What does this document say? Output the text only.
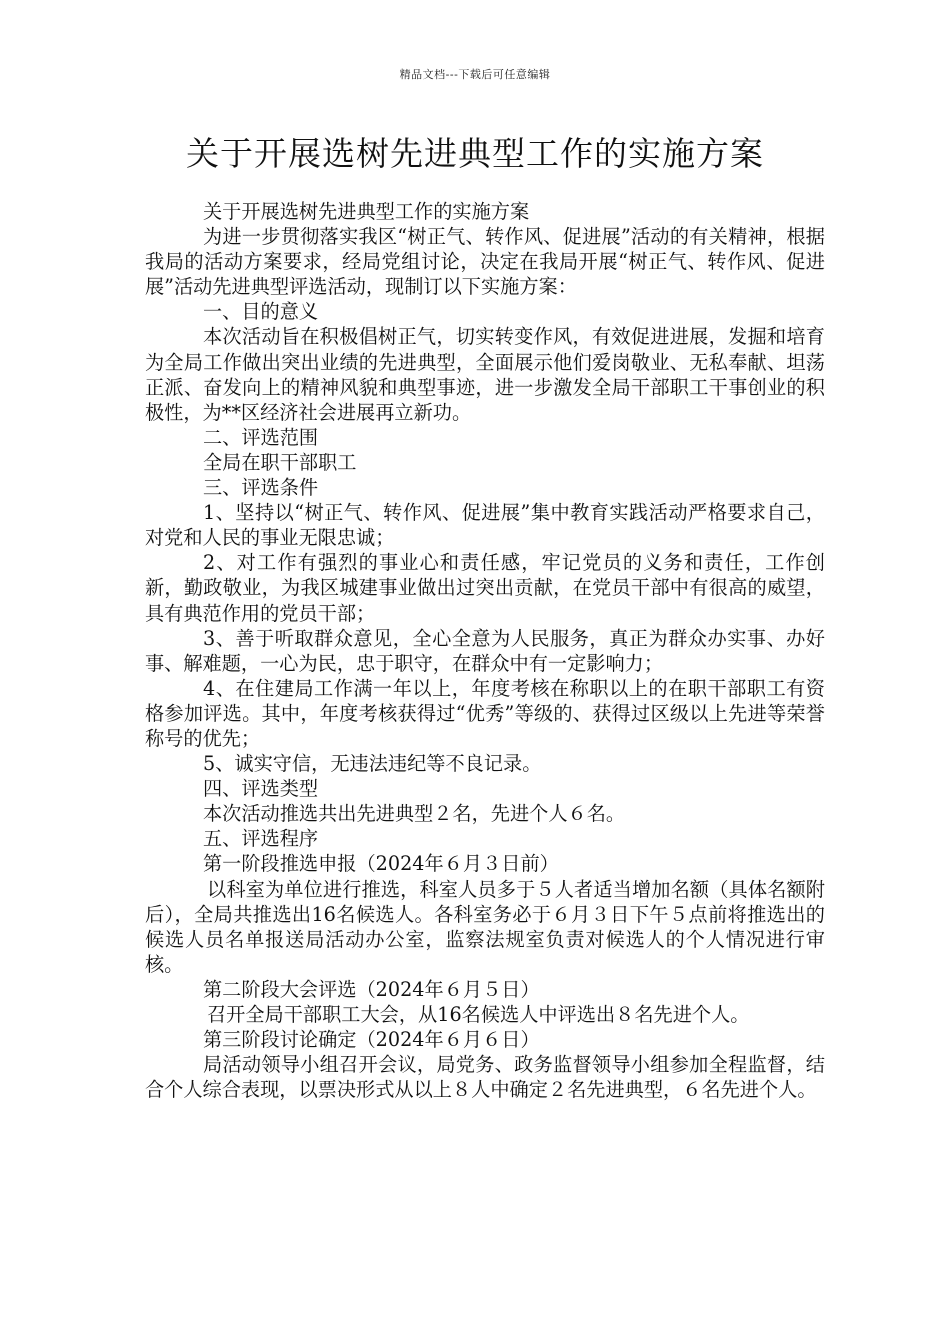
精品文档---下载后可任意编辑
关于开展选树先进典型工作的实施方案

关于开展选树先进典型工作的实施方案

为进一步贯彻落实我区“树正气、转作风、促进展”活动的有关精神，根据我局的活动方案要求，经局党组讨论，决定在我局开展“树正气、转作风、促进展”活动先进典型评选活动，现制订以下实施方案：

一、目的意义

本次活动旨在积极倡树正气，切实转变作风，有效促进进展，发掘和培育为全局工作做出突出业绩的先进典型，全面展示他们爱岗敬业、无私奉献、坦荡正派、奋发向上的精神风貌和典型事迹，进一步激发全局干部职工干事创业的积极性，为**区经济社会进展再立新功。

二、评选范围

全局在职干部职工

三、评选条件

1、坚持以“树正气、转作风、促进展”集中教育实践活动严格要求自己，对党和人民的事业无限忠诚；

2、对工作有强烈的事业心和责任感，牢记党员的义务和责任，工作创新，勤政敬业，为我区城建事业做出过突出贡献，在党员干部中有很高的威望，具有典范作用的党员干部；

3、善于听取群众意见，全心全意为人民服务，真正为群众办实事、办好事、解难题，一心为民，忠于职守，在群众中有一定影响力；

4、在住建局工作满一年以上，年度考核在称职以上的在职干部职工有资格参加评选。其中，年度考核获得过“优秀”等级的、获得过区级以上先进等荣誉称号的优先；

5、诚实守信，无违法违纪等不良记录。

四、评选类型

本次活动推选共出先进典型２名，先进个人６名。

五、评选程序

第一阶段推选申报（2024年６月３日前）

以科室为单位进行推选，科室人员多于５人者适当增加名额（具体名额附后），全局共推选出16名候选人。各科室务必于６月３日下午５点前将推选出的候选人员名单报送局活动办公室，监察法规室负责对候选人的个人情况进行审核。

第二阶段大会评选（2024年６月５日）

召开全局干部职工大会，从16名候选人中评选出８名先进个人。

第三阶段讨论确定（2024年６月６日）

局活动领导小组召开会议，局党务、政务监督领导小组参加全程监督，结合个人综合表现，以票决形式从以上８人中确定２名先进典型，６名先进个人。
